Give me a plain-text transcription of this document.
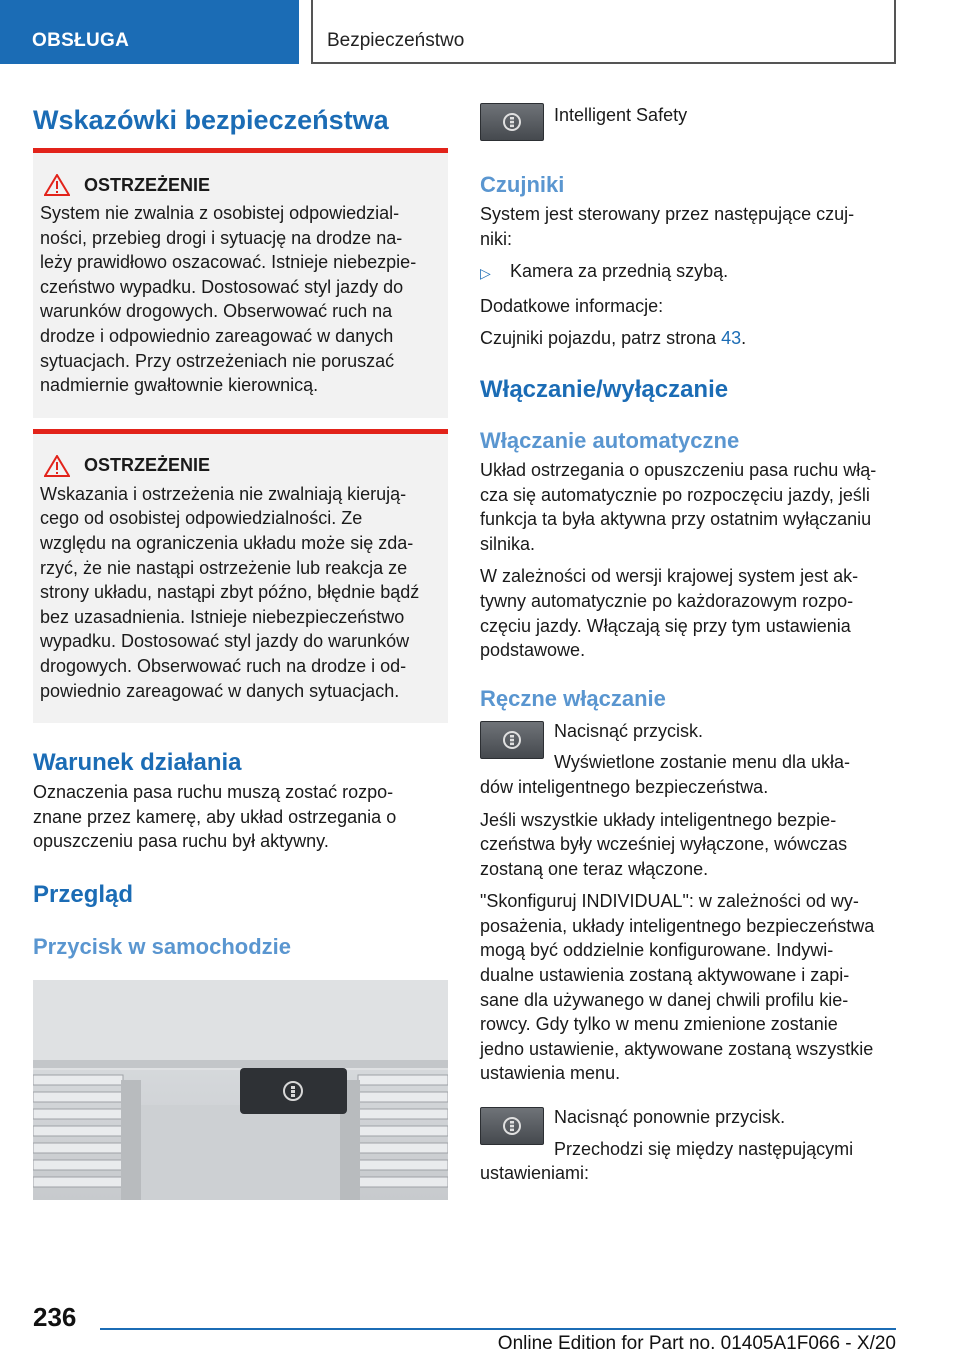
OBSŁUGA	Bezpieczeństwo
Wskazówki bezpieczeństwa
OSTRZEŻENIE
System nie zwalnia z osobistej odpowiedzial-
ności, przebieg drogi i sytuację na drodze na-
leży prawidłowo oszacować. Istnieje niebezpie-
czeństwo wypadku. Dostosować styl jazdy do
warunków drogowych. Obserwować ruch na
drodze i odpowiednio zareagować w danych
sytuacjach. Przy ostrzeżeniach nie poruszać
nadmiernie gwałtownie kierownicą.
OSTRZEŻENIE
Wskazania i ostrzeżenia nie zwalniają kierują-
cego od osobistej odpowiedzialności. Ze
względu na ograniczenia układu może się zda-
rzyć, że nie nastąpi ostrzeżenie lub reakcja ze
strony układu, nastąpi zbyt późno, błędnie bądź
bez uzasadnienia. Istnieje niebezpieczeństwo
wypadku. Dostosować styl jazdy do warunków
drogowych. Obserwować ruch na drodze i od-
powiednio zareagować w danych sytuacjach.
Warunek działania
Oznaczenia pasa ruchu muszą zostać rozpo-
znane przez kamerę, aby układ ostrzegania o
opuszczeniu pasa ruchu był aktywny.
Przegląd
Przycisk w samochodzie
Intelligent Safety
Czujniki
System jest sterowany przez następujące czuj-
niki:
▷	Kamera za przednią szybą.
Dodatkowe informacje:
Czujniki pojazdu, patrz strona 43.
Włączanie/wyłączanie
Włączanie automatyczne
Układ ostrzegania o opuszczeniu pasa ruchu włą-
cza się automatycznie po rozpoczęciu jazdy, jeśli
funkcja ta była aktywna przy ostatnim wyłączaniu
silnika.
W zależności od wersji krajowej system jest ak-
tywny automatycznie po każdorazowym rozpo-
częciu jazdy. Włączają się przy tym ustawienia
podstawowe.
Ręczne włączanie
Nacisnąć przycisk.
Wyświetlone zostanie menu dla ukła-
dów inteligentnego bezpieczeństwa.
Jeśli wszystkie układy inteligentnego bezpie-
czeństwa były wcześniej wyłączone, wówczas
zostaną one teraz włączone.
"Skonfiguruj INDIVIDUAL": w zależności od wy-
posażenia, układy inteligentnego bezpieczeństwa
mogą być oddzielnie konfigurowane. Indywi-
dualne ustawienia zostaną aktywowane i zapi-
sane dla używanego w danej chwili profilu kie-
rowcy. Gdy tylko w menu zmienione zostanie
jedno ustawienie, aktywowane zostaną wszystkie
ustawienia menu.
Nacisnąć ponownie przycisk.
Przechodzi się między następującymi
ustawieniami:
236
Online Edition for Part no. 01405A1F066 - X/20
